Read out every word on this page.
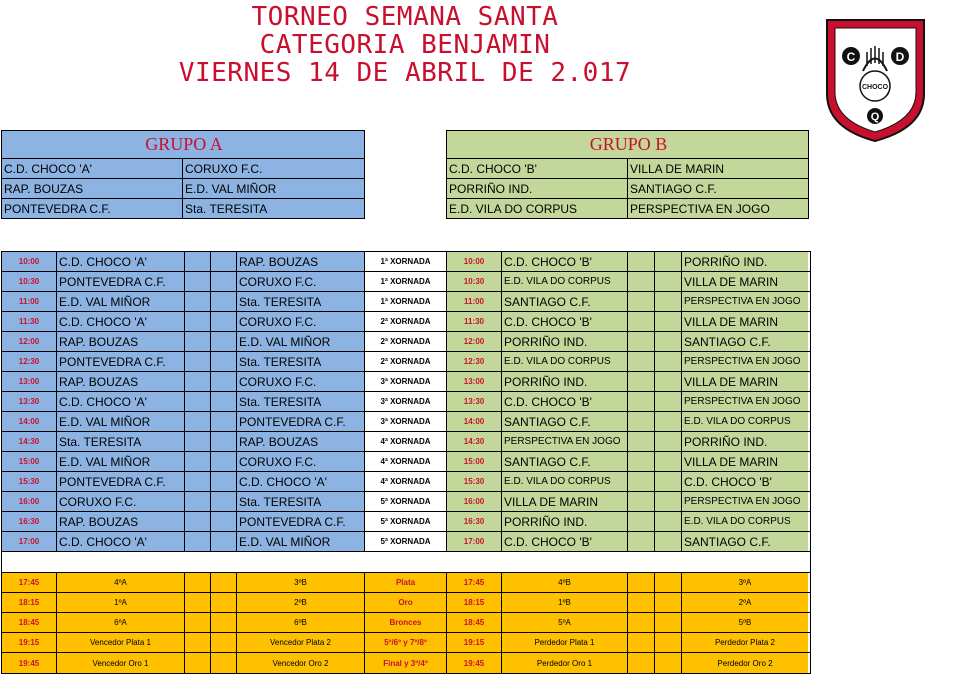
TORNEO SEMANA SANTA
CATEGORIA BENJAMIN
VIERNES 14 DE ABRIL DE 2.017
C	D
Q
CHOCO
GRUPO A	
C.D. CHOCO 'A'	CORUXO F.C.
RAP. BOUZAS	E.D. VAL MIÑOR
PONTEVEDRA C.F.	Sta. TERESITA
GRUPO B	
C.D. CHOCO 'B'	VILLA DE MARIN
PORRIÑO IND.	SANTIAGO C.F.
E.D. VILA DO CORPUS	PERSPECTIVA EN JOGO
10:00	C.D. CHOCO 'A'	RAP. BOUZAS	1ª XORNADA	10:00	C.D. CHOCO 'B'	PORRIÑO IND.
10:30	PONTEVEDRA C.F.	CORUXO F.C.	1ª XORNADA	10:30	E.D. VILA DO CORPUS	VILLA DE MARIN
11:00	E.D. VAL MIÑOR	Sta. TERESITA	1ª XORNADA	11:00	SANTIAGO C.F.	PERSPECTIVA EN JOGO
11:30	C.D. CHOCO 'A'	CORUXO F.C.	2ª XORNADA	11:30	C.D. CHOCO 'B'	VILLA DE MARIN
12:00	RAP. BOUZAS	E.D. VAL MIÑOR	2ª XORNADA	12:00	PORRIÑO IND.	SANTIAGO C.F.
12:30	PONTEVEDRA C.F.	Sta. TERESITA	2ª XORNADA	12:30	E.D. VILA DO CORPUS	PERSPECTIVA EN JOGO
13:00	RAP. BOUZAS	CORUXO F.C.	3ª XORNADA	13:00	PORRIÑO IND.	VILLA DE MARIN
13:30	C.D. CHOCO 'A'	Sta. TERESITA	3ª XORNADA	13:30	C.D. CHOCO 'B'	PERSPECTIVA EN JOGO
14:00	E.D. VAL MIÑOR	PONTEVEDRA C.F.	3ª XORNADA	14:00	SANTIAGO C.F.	E.D. VILA DO CORPUS
14:30	Sta. TERESITA	RAP. BOUZAS	4ª XORNADA	14:30	PERSPECTIVA EN JOGO	PORRIÑO IND.
15:00	E.D. VAL MIÑOR	CORUXO F.C.	4ª XORNADA	15:00	SANTIAGO C.F.	VILLA DE MARIN
15:30	PONTEVEDRA C.F.	C.D. CHOCO 'A'	4ª XORNADA	15:30	E.D. VILA DO CORPUS	C.D. CHOCO 'B'
16:00	CORUXO F.C.	Sta. TERESITA	5ª XORNADA	16:00	VILLA DE MARIN	PERSPECTIVA EN JOGO
16:30	RAP. BOUZAS	PONTEVEDRA C.F.	5ª XORNADA	16:30	PORRIÑO IND.	E.D. VILA DO CORPUS
17:00	C.D. CHOCO 'A'	E.D. VAL MIÑOR	5ª XORNADA	17:00	C.D. CHOCO 'B'	SANTIAGO C.F.
17:45	4ºA	3ºB	Plata	17:45	4ºB	3ºA
18:15	1ºA	2ºB	Oro	18:15	1ºB	2ºA
18:45	6ºA	6ºB	Bronces	18:45	5ºA	5ºB
19:15	Vencedor Plata 1	Vencedor Plata 2	5º/6º y 7º/8º	19:15	Perdedor Plata 1	Perdedor Plata 2
19:45	Vencedor Oro 1	Vencedor Oro 2	Final y 3º/4º	19:45	Perdedor Oro 1	Perdedor Oro 2
